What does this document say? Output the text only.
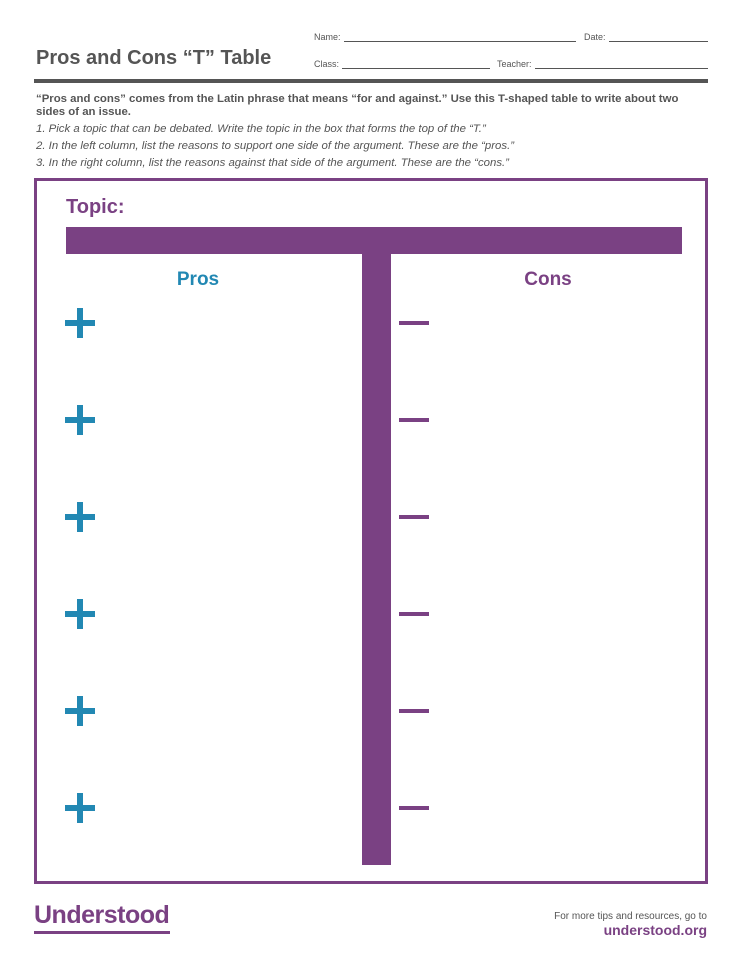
Pros and Cons “T” Table
Name:	Date:
Class:	Teacher:

“Pros and cons” comes from the Latin phrase that means “for and against.” Use this T-shaped table to write about two sides of an issue.

1. Pick a topic that can be debated. Write the topic in the box that forms the top of the “T.”

2. In the left column, list the reasons to support one side of the argument. These are the “pros.”

3. In the right column, list the reasons against that side of the argument. These are the “cons.”

Topic:
Pros	Cons
Understood	For more tips and resources, go to
understood.org
